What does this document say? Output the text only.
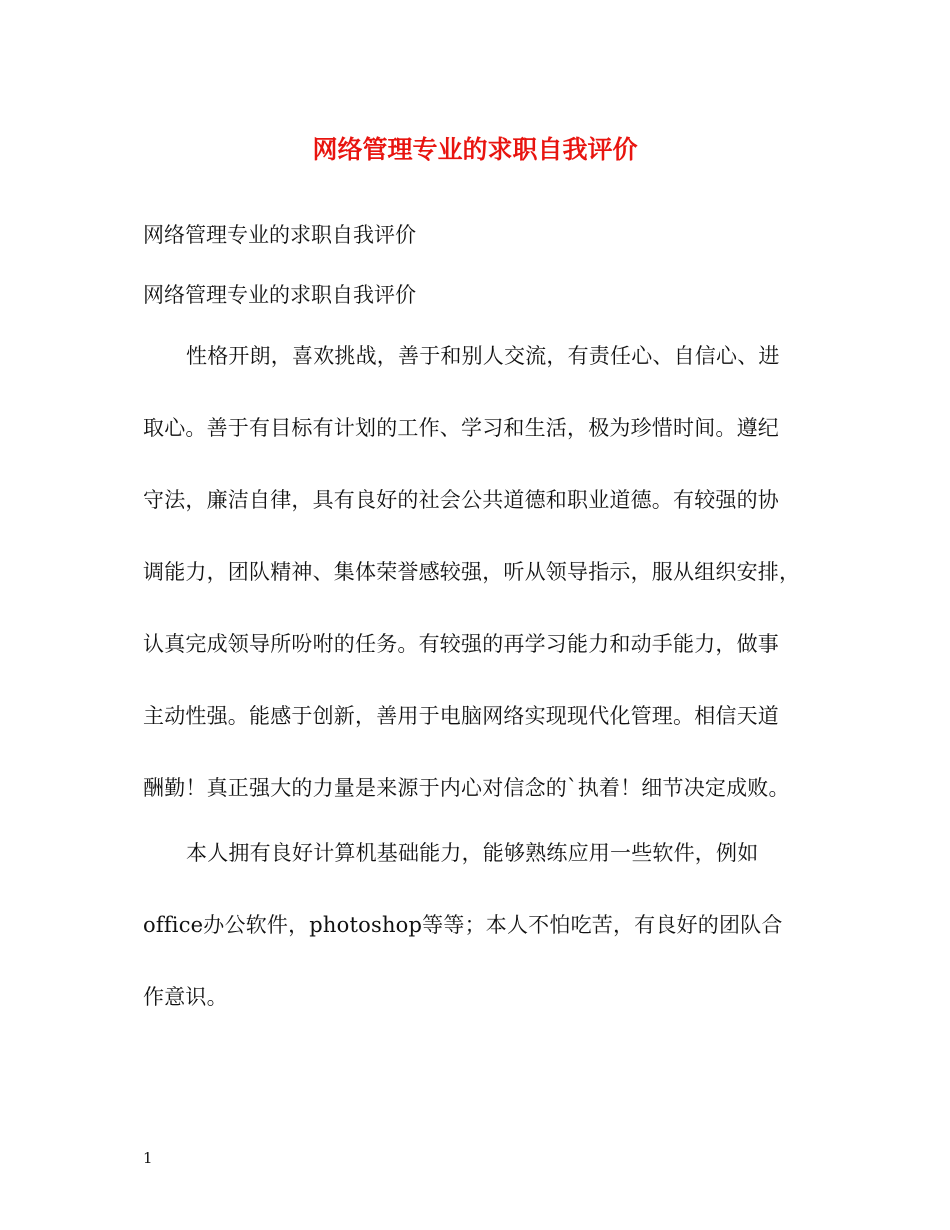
网络管理专业的求职自我评价
网络管理专业的求职自我评价
网络管理专业的求职自我评价
性格开朗，喜欢挑战，善于和别人交流，有责任心、自信心、进
取心。善于有目标有计划的工作、学习和生活，极为珍惜时间。遵纪
守法，廉洁自律，具有良好的社会公共道德和职业道德。有较强的协
调能力，团队精神、集体荣誉感较强，听从领导指示，服从组织安排，
认真完成领导所吩咐的任务。有较强的再学习能力和动手能力，做事
主动性强。能感于创新，善用于电脑网络实现现代化管理。相信天道
酬勤！真正强大的力量是来源于内心对信念的`执着！细节决定成败。
本人拥有良好计算机基础能力，能够熟练应用一些软件，例如
office办公软件，photoshop等等；本人不怕吃苦，有良好的团队合
作意识。
1
